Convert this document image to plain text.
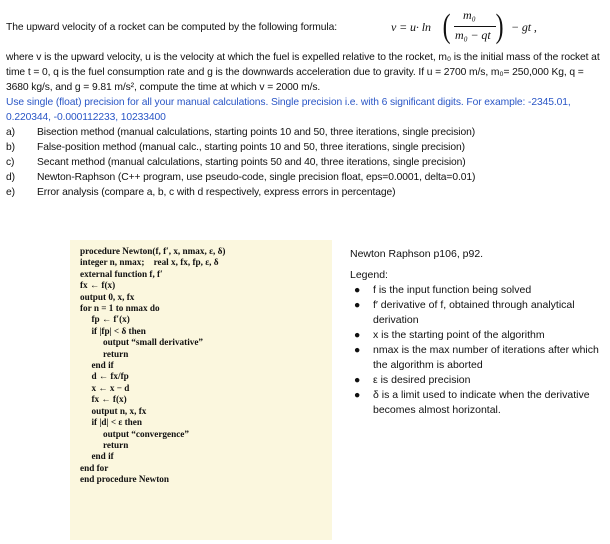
The upward velocity of a rocket can be computed by the following formula:	v = u· ln ( m₀
m₀ − qt ) − gt ,

where v is the upward velocity, u is the velocity at which the fuel is expelled relative to the rocket, m₀ is the initial mass of the rocket at time t = 0, q is the fuel consumption rate and g is the downwards acceleration due to gravity. If u = 2700 m/s, m₀= 250,000 Kg, q = 3680 kg/s, and g = 9.81 m/s², compute the time at which v = 2000 m/s.

Use single (float) precision for all your manual calculations. Single precision i.e. with 6 significant digits. For example: -2345.01, 0.220344, -0.000112233, 10233400

a)	Bisection method (manual calculations, starting points 10 and 50, three iterations, single precision)
b)	False-position method (manual calc., starting points 10 and 50, three iterations, single precision)
c)	Secant method (manual calculations, starting points 50 and 40, three iterations, single precision)
d)	Newton-Raphson (C++ program, use pseudo-code, single precision float, eps=0.0001, delta=0.01)
e)	Error analysis (compare a, b, c with d respectively, express errors in percentage)
procedure Newton(f, f′, x, nmax, ε, δ)
integer n, nmax;    real x, fx, fp, ε, δ
external function f, f′
fx ← f(x)
output 0, x, fx
for n = 1 to nmax do
fp ← f′(x)
if |fp| < δ then
output “small derivative”
return
end if
d ← fx/fp
x ← x − d
fx ← f(x)
output n, x, fx
if |d| < ε then
output “convergence”
return
end if
end for
end procedure Newton
Newton Raphson p106, p92.
Legend:
● f is the input function being solved
● f′ derivative of f, obtained through analytical derivation
● x is the starting point of the algorithm
● nmax is the max number of iterations after which the algorithm is aborted
● ε is desired precision
● δ is a limit used to indicate when the derivative becomes almost horizontal.
